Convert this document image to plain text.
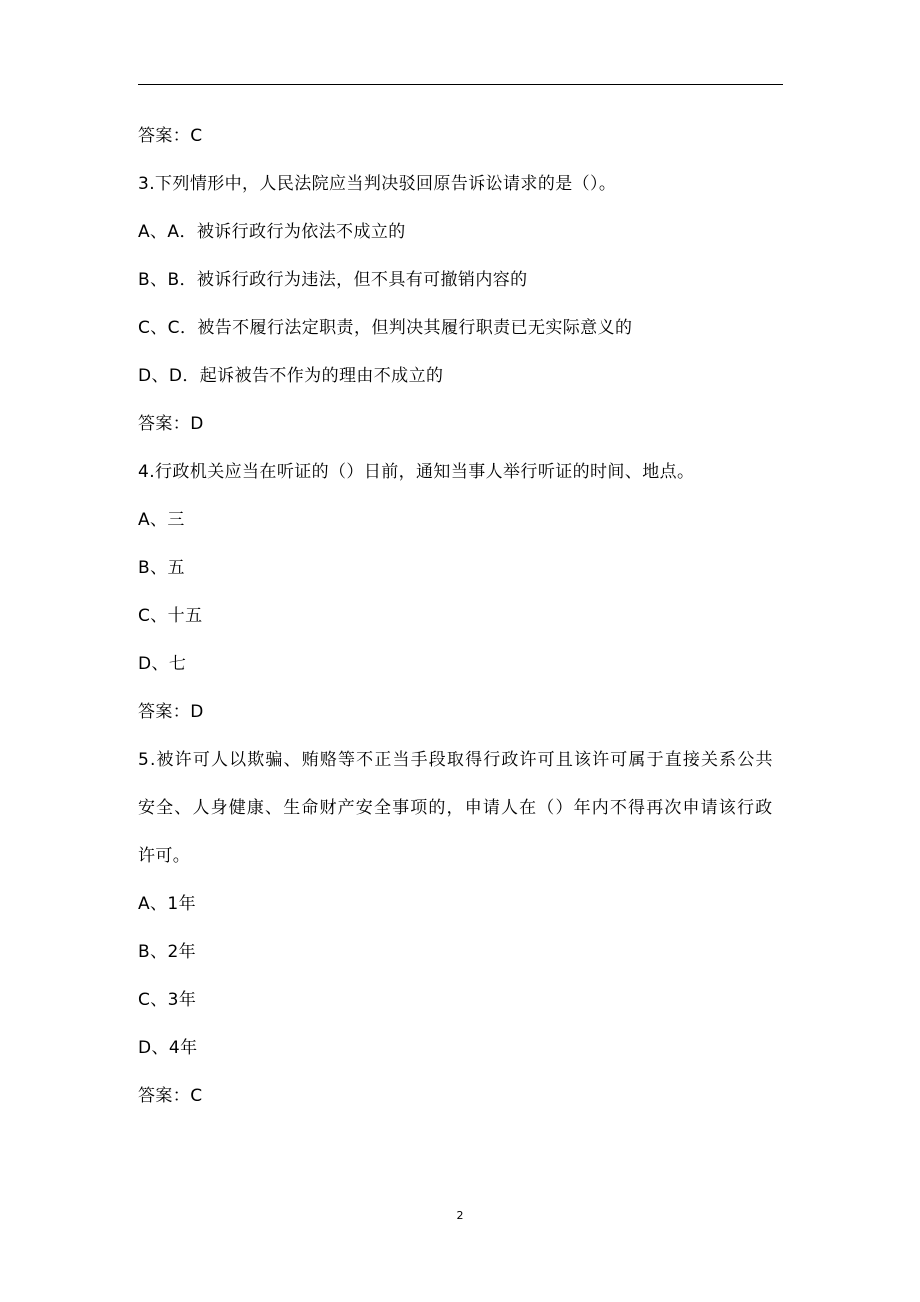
答案：C
3.下列情形中，人民法院应当判决驳回原告诉讼请求的是（）。
A、A．被诉行政行为依法不成立的
B、B．被诉行政行为违法，但不具有可撤销内容的
C、C．被告不履行法定职责，但判决其履行职责已无实际意义的
D、D．起诉被告不作为的理由不成立的
答案：D
4.行政机关应当在听证的（）日前，通知当事人举行听证的时间、地点。
A、三
B、五
C、十五
D、七
答案：D
5.被许可人以欺骗、贿赂等不正当手段取得行政许可且该许可属于直接关系公共
安全、人身健康、生命财产安全事项的，申请人在（）年内不得再次申请该行政
许可。
A、1年
B、2年
C、3年
D、4年
答案：C
2
